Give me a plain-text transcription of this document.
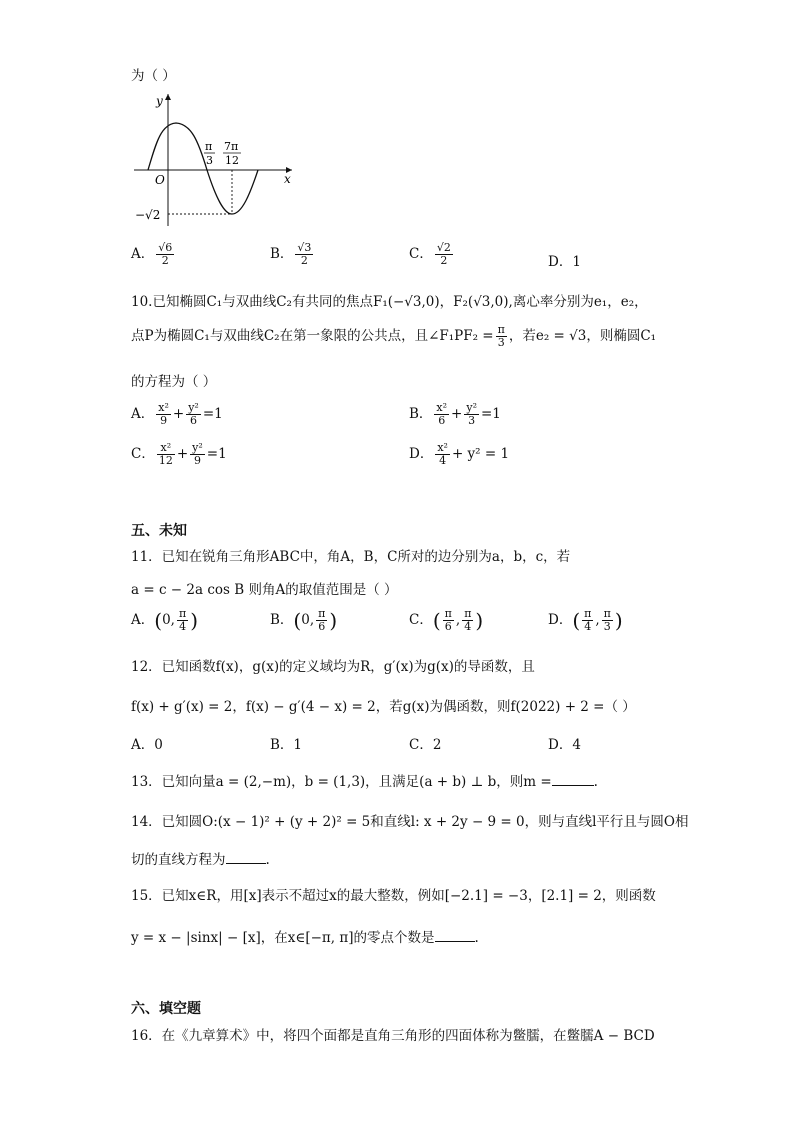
为（ ）
y
x
O
π
3
7π
12
−√2
A． $\frac{√6}{2}$	B． $\frac{√3}{2}$	C． $\frac{√2}{2}$	D．1
10.已知椭圆C₁与双曲线C₂有共同的焦点F₁(−√3,0)，F₂(√3,0),离心率分别为e₁，e₂，
点P为椭圆C₁与双曲线C₂在第一象限的公共点，且∠F₁PF₂ = $\frac{\pi}{3}$ ，若e₂ = √3，则椭圆C₁
的方程为（ ）
A． $\frac{\text{x²}}{9} + \frac{\text{y²}}{6} =1$	B． $\frac{\text{x²}}{6} + \frac{\text{y²}}{3} =1$
C． $\frac{\text{x²}}{12} + \frac{\text{y²}}{9} =1$	D． $\frac{\text{x²}}{4} + y^2 = 1$
五、未知
11．已知在锐角三角形ABC中，角A，B，C所对的边分别为a，b，c，若
a = c − 2a cos B 则角A的取值范围是（ ）
A．(0, $\frac{\pi}{4}$ )	B．(0, $\frac{\pi}{6}$ )	C．( $\frac{\pi}{6}$ , $\frac{\pi}{4}$ )	D．( $\frac{\pi}{4}$ , $\frac{\pi}{3}$ )
12．已知函数f(x)，g(x)的定义域均为R，g′(x)为g(x)的导函数，且
f(x) + g′(x) = 2，f(x) − g′(4 − x) = 2，若g(x)为偶函数，则f(2022) + 2 =（ ）
A．0	B．1	C．2	D．4
13．已知向量a = (2,−m)，b = (1,3)，且满足(a + b) ⊥ b，则m =	.
14．已知圆O:(x − 1)² + (y + 2)² = 5和直线l: x + 2y − 9 = 0，则与直线l平行且与圆O相
切的直线方程为	.
15．已知x∈R，用[x]表示不超过x的最大整数，例如[−2.1] = −3，[2.1] = 2，则函数
y = x − |sinx| − [x]，在x∈[−π, π]的零点个数是	.
六、填空题
16．在《九章算术》中，将四个面都是直角三角形的四面体称为鳖臑，在鳖臑A − BCD
